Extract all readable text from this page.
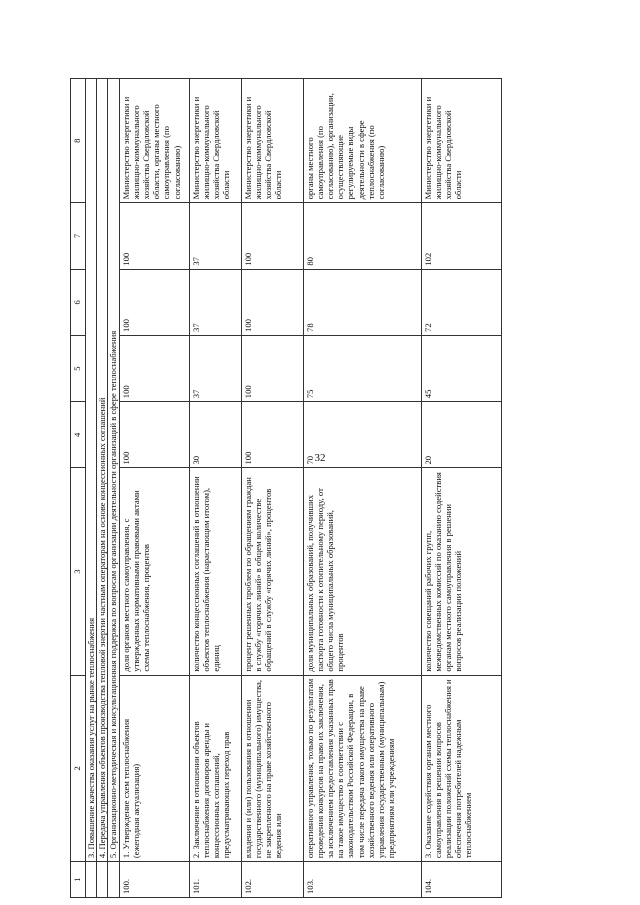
32
1	2	3	4	5	6	7	8
	3. Повышение качества оказания услуг на рынке теплоснабжения						
	4. Передача управления объектов производства тепловой энергии частным операторам на основе концессионных соглашений						
	5. Организационно-методическая и консультационная поддержка по вопросам организации деятельности организаций в сфере теплоснабжения						
100.	1. Утверждение схем теплоснабжения (ежегодная актуализация)	доля органов местного самоуправления, с утвержденных нормативными правовыми актами схемы теплоснабжения, процентов	100	100	100	100	Министерство энергетики и жилищно-коммунального хозяйства Свердловской области, органы местного самоуправления (по согласованию)
101.	2. Заключение в отношении объектов теплоснабжения договоров аренды и концессионных соглашений, предусматривающих переход прав	количество концессионных соглашений в отношении объектов теплоснабжения (нарастающим итогом), единиц	30	37	37	37	Министерство энергетики и жилищно-коммунального хозяйства Свердловской области
102.	владения и (или) пользования в отношении государственного (муниципального) имущества, не закрепленного на праве хозяйственного ведения или	процент решенных проблем по обращениям граждан в службу «горячих линий» в общем количестве обращений в службу «горячих линий», процентов	100	100	100	100	Министерство энергетики и жилищно-коммунального хозяйства Свердловской области
103.	оперативного управления, только по результатам проведения конкурсов на право их заключения, за исключением предоставления указанных прав на такое имущество в соответствии с законодательством Российской Федерации, в том числе передача такого имущества на праве хозяйственного ведения или оперативного управления государственным (муниципальным) предприятиям или учреждениям	доля муниципальных образований, получивших паспорта готовности к отопительному периоду, от общего числа муниципальных образований, процентов	70	75	78	80	органы местного самоуправления (по согласованию), организации, осуществляющие регулируемые виды деятельности в сфере теплоснабжения (по согласованию)
104.	3. Оказание содействия органам местного самоуправления в решении вопросов реализации положений схемы теплоснабжения и обеспечения потребителей надежным теплоснабжением	количество совещаний рабочих групп, межведомственных комиссий по оказанию содействия органам местного самоуправления в решении вопросов реализации положений	20	45	72	102	Министерство энергетики и жилищно-коммунального хозяйства Свердловской области
